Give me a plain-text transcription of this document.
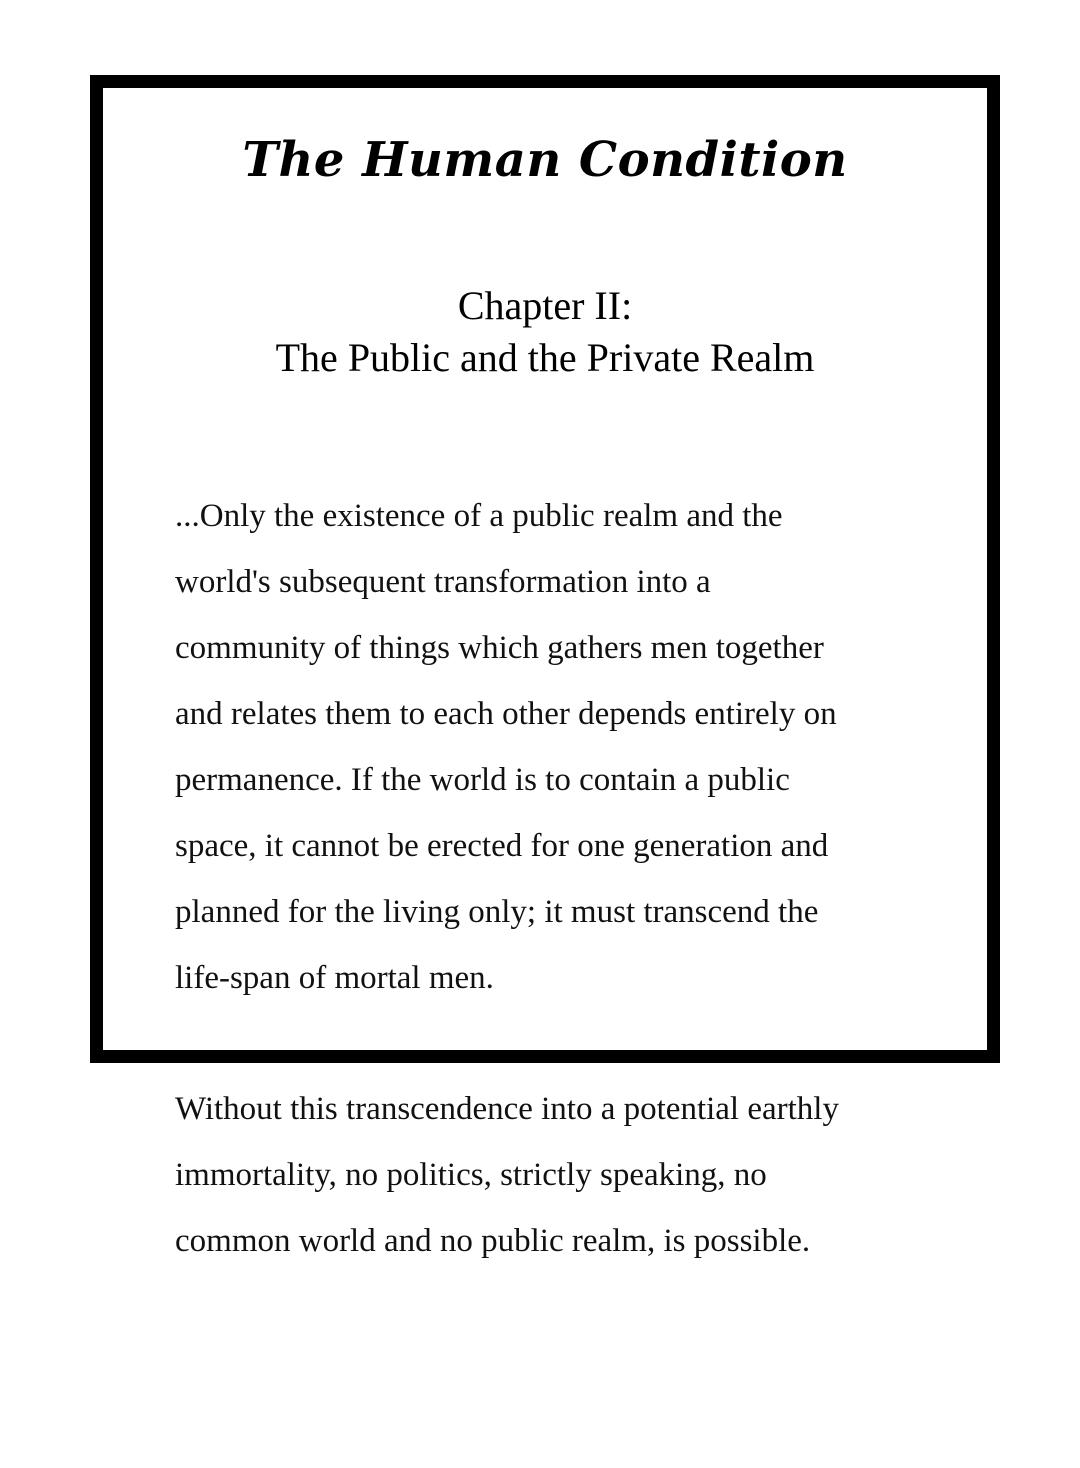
The Human Condition
Chapter II:
The Public and the Private Realm
...Only the existence of a public realm and the
world's subsequent transformation into a
community of things which gathers men together
and relates them to each other depends entirely on
permanence. If the world is to contain a public
space, it cannot be erected for one generation and
planned for the living only; it must transcend the
life-span of mortal men.
Without this transcendence into a potential earthly
immortality, no politics, strictly speaking, no
common world and no public realm, is possible.
